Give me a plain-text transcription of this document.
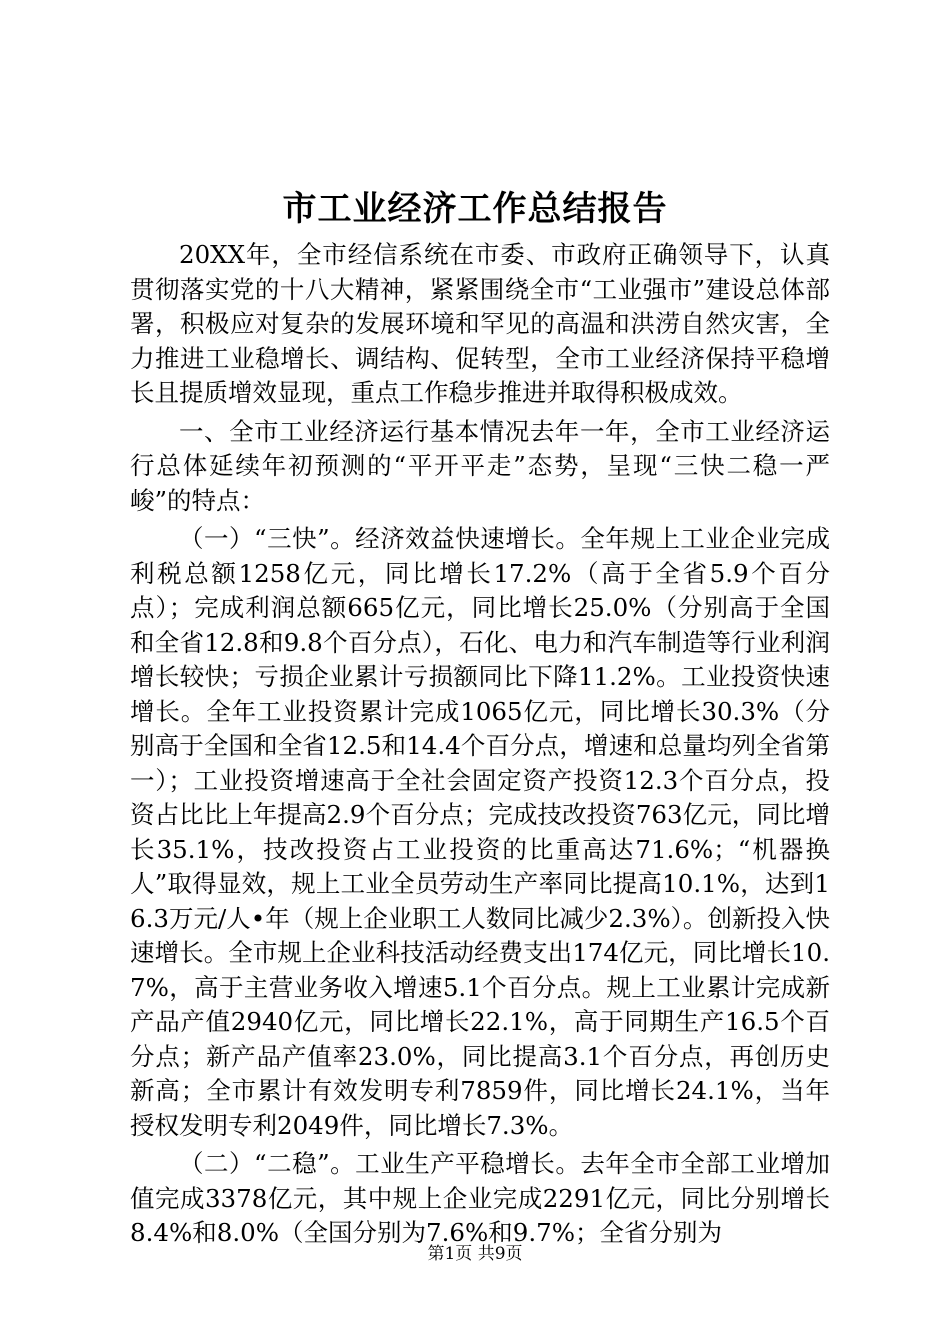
市工业经济工作总结报告

20XX年，全市经信系统在市委、市政府正确领导下，认真贯彻落实党的十八大精神，紧紧围绕全市“工业强市”建设总体部署，积极应对复杂的发展环境和罕见的高温和洪涝自然灾害，全力推进工业稳增长、调结构、促转型，全市工业经济保持平稳增长且提质增效显现，重点工作稳步推进并取得积极成效。

一、全市工业经济运行基本情况去年一年，全市工业经济运行总体延续年初预测的“平开平走”态势，呈现“三快二稳一严峻”的特点：

（一）“三快”。经济效益快速增长。全年规上工业企业完成利税总额1258亿元，同比增长17.2%（高于全省5.9个百分点）；完成利润总额665亿元，同比增长25.0%（分别高于全国和全省12.8和9.8个百分点），石化、电力和汽车制造等行业利润增长较快；亏损企业累计亏损额同比下降11.2%。工业投资快速增长。全年工业投资累计完成1065亿元，同比增长30.3%（分别高于全国和全省12.5和14.4个百分点，增速和总量均列全省第一）；工业投资增速高于全社会固定资产投资12.3个百分点，投资占比比上年提高2.9个百分点；完成技改投资763亿元，同比增长35.1%，技改投资占工业投资的比重高达71.6%；“机器换人”取得显效，规上工业全员劳动生产率同比提高10.1%，达到16.3万元/人•年（规上企业职工人数同比减少2.3%）。创新投入快速增长。全市规上企业科技活动经费支出174亿元，同比增长10.7%，高于主营业务收入增速5.1个百分点。规上工业累计完成新产品产值2940亿元，同比增长22.1%，高于同期生产16.5个百分点；新产品产值率23.0%，同比提高3.1个百分点，再创历史新高；全市累计有效发明专利7859件，同比增长24.1%，当年授权发明专利2049件，同比增长7.3%。

（二）“二稳”。工业生产平稳增长。去年全市全部工业增加值完成3378亿元，其中规上企业完成2291亿元，同比分别增长8.4%和8.0%（全国分别为7.6%和9.7%；全省分别为

第1页 共9页
